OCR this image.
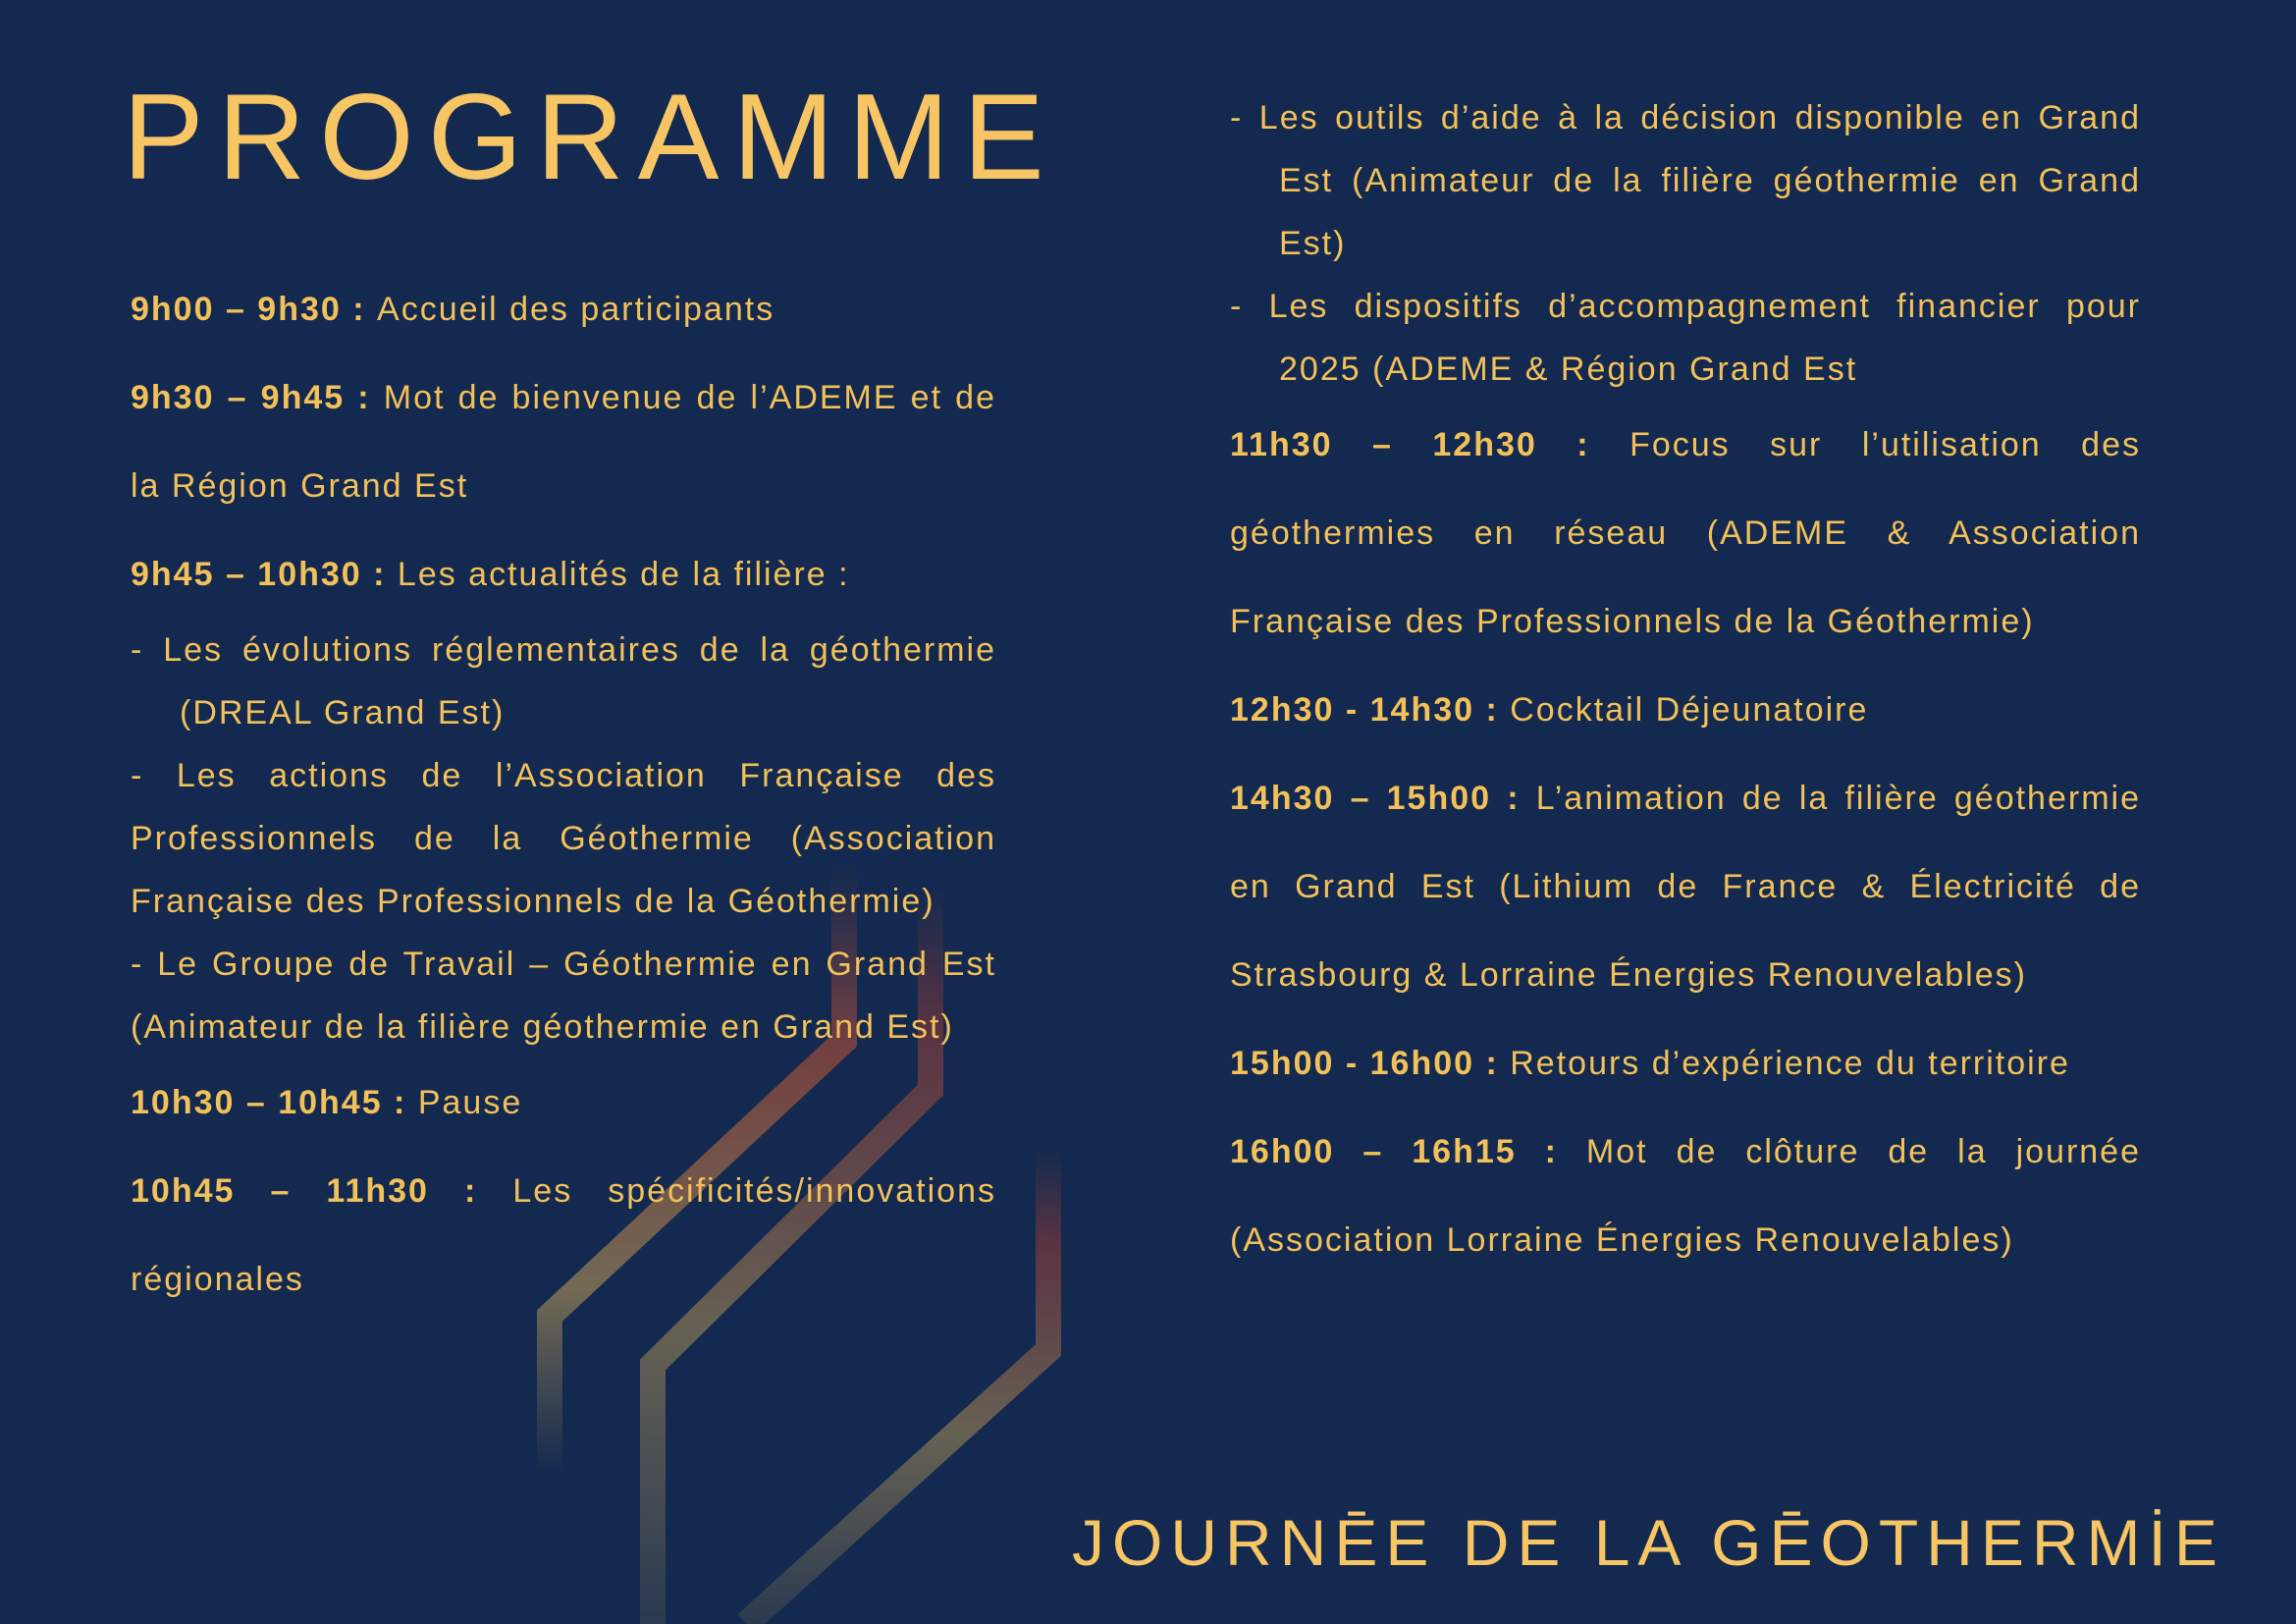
PROGRAMME

9h00 – 9h30 : Accueil des participants

9h30 – 9h45 : Mot de bienvenue de l’ADEME et de la Région Grand Est

9h45 – 10h30 : Les actualités de la filière :

- Les évolutions réglementaires de la géothermie (DREAL Grand Est)

- Les actions de l’Association Française des Professionnels de la Géothermie (Association Française des Professionnels de la Géothermie)

- Le Groupe de Travail – Géothermie en Grand Est (Animateur de la filière géothermie en Grand Est)

10h30 – 10h45 : Pause

10h45 – 11h30 : Les spécificités/innovations régionales

- Les outils d’aide à la décision disponible en Grand Est (Animateur de la filière géothermie en Grand Est)

- Les dispositifs d’accompagnement financier pour 2025 (ADEME & Région Grand Est

11h30 – 12h30 : Focus sur l’utilisation des géothermies en réseau (ADEME & Association Française des Professionnels de la Géothermie)

12h30 - 14h30 : Cocktail Déjeunatoire

14h30 – 15h00 : L’animation de la filière géothermie en Grand Est (Lithium de France & Électricité de Strasbourg & Lorraine Énergies Renouvelables)

15h00 - 16h00 : Retours d’expérience du territoire

16h00 – 16h15 : Mot de clôture de la journée (Association Lorraine Énergies Renouvelables)

JOURNĒE DE LA GĒOTHERMİE
